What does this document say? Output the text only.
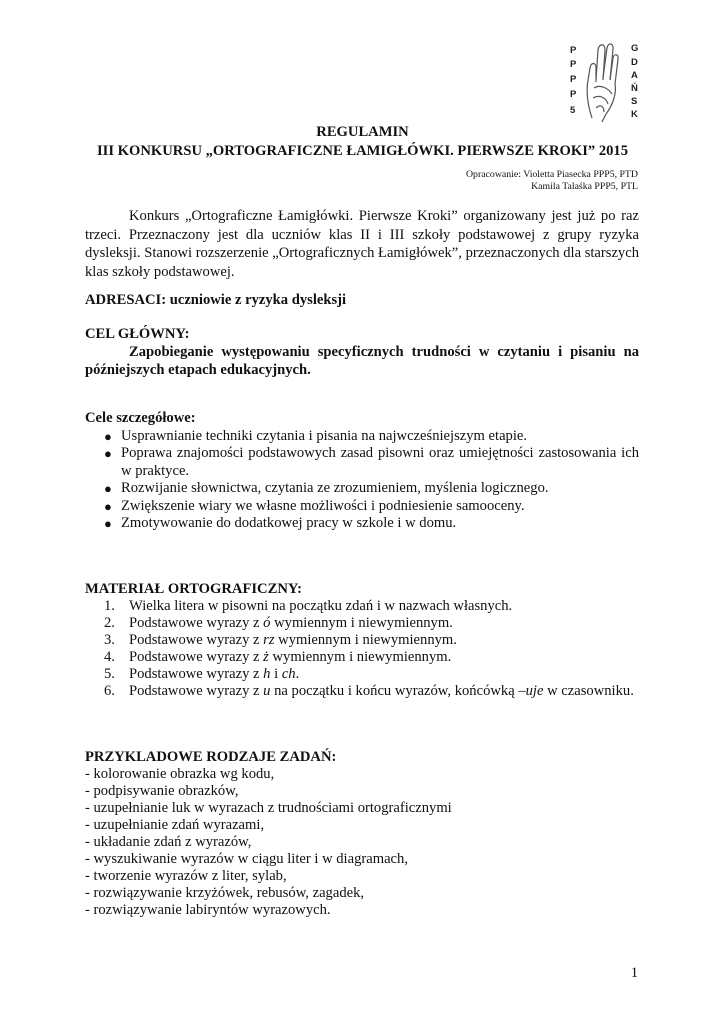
P
P
P
P
5
G
D
A
Ń
S
K
REGULAMIN
III KONKURSU „ORTOGRAFICZNE ŁAMIGŁÓWKI. PIERWSZE KROKI” 2015
Opracowanie: Violetta Piasecka PPP5, PTD
Kamila Talaśka PPP5, PTL

Konkurs „Ortograficzne Łamigłówki. Pierwsze Kroki” organizowany jest już po raz trzeci. Przeznaczony jest dla uczniów klas II i III szkoły podstawowej z grupy ryzyka dysleksji. Stanowi rozszerzenie „Ortograficznych Łamigłówek”, przeznaczonych dla starszych klas szkoły podstawowej.

ADRESACI: uczniowie z ryzyka dysleksji
CEL GŁÓWNY:

Zapobieganie występowaniu specyficznych trudności w czytaniu i pisaniu na późniejszych etapach edukacyjnych.

Cele szczegółowe:
● Usprawnianie techniki czytania i pisania na najwcześniejszym etapie.
● Poprawa znajomości podstawowych zasad pisowni oraz umiejętności zastosowania ich w praktyce.
● Rozwijanie słownictwa, czytania ze zrozumieniem, myślenia logicznego.
● Zwiększenie wiary we własne możliwości i podniesienie samooceny.
● Zmotywowanie do dodatkowej pracy w szkole i w domu.
MATERIAŁ ORTOGRAFICZNY:
1. Wielka litera w pisowni na początku zdań i w nazwach własnych.
2. Podstawowe wyrazy z ó wymiennym i niewymiennym.
3. Podstawowe wyrazy z rz wymiennym i niewymiennym.
4. Podstawowe wyrazy z ż wymiennym i niewymiennym.
5. Podstawowe wyrazy z h i ch.
6. Podstawowe wyrazy z u na początku i końcu wyrazów, końcówką –uje w czasowniku.
PRZYKLADOWE RODZAJE ZADAŃ:
- kolorowanie obrazka wg kodu,
- podpisywanie obrazków,
- uzupełnianie luk w wyrazach z trudnościami ortograficznymi
- uzupełnianie zdań wyrazami,
- układanie zdań z wyrazów,
- wyszukiwanie wyrazów w ciągu liter i w diagramach,
- tworzenie wyrazów z liter, sylab,
- rozwiązywanie krzyżówek, rebusów, zagadek,
- rozwiązywanie labiryntów wyrazowych.
1
